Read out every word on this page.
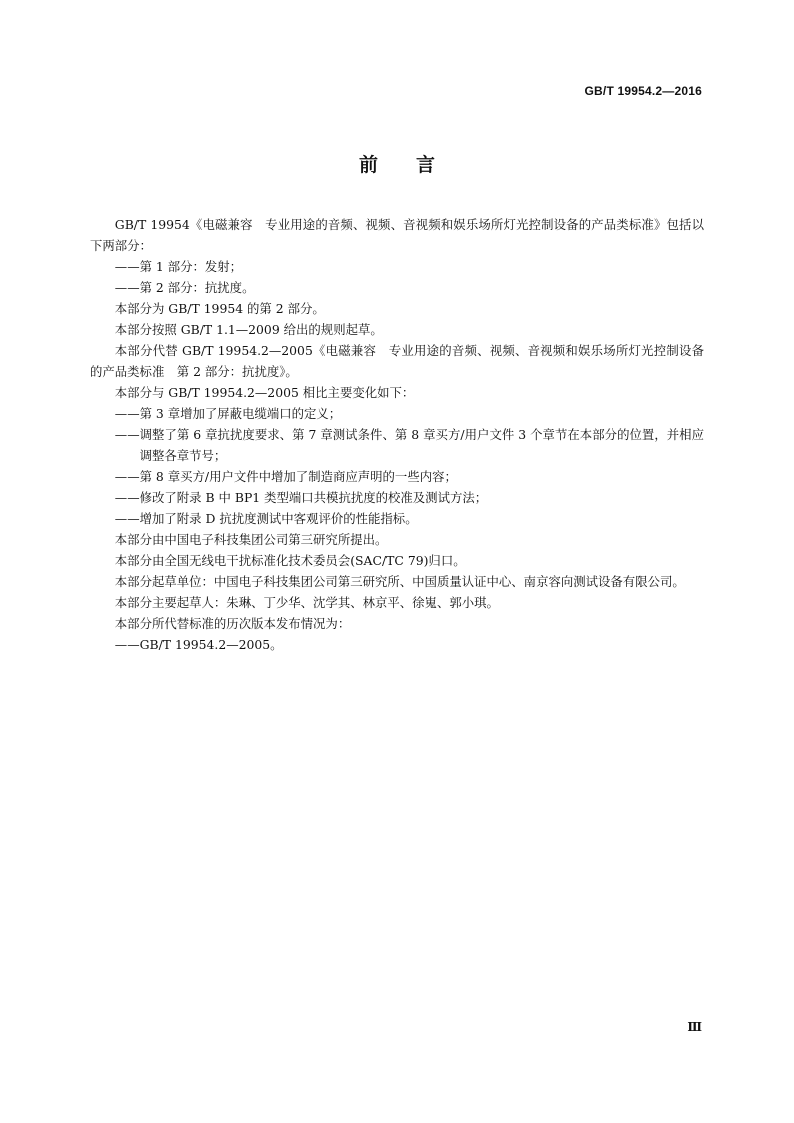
GB/T 19954.2—2016
前言

GB/T 19954《电磁兼容　专业用途的音频、视频、音视频和娱乐场所灯光控制设备的产品类标准》包括以下两部分：

——第 1 部分：发射；

——第 2 部分：抗扰度。

本部分为 GB/T 19954 的第 2 部分。

本部分按照 GB/T 1.1—2009 给出的规则起草。

本部分代替 GB/T 19954.2—2005《电磁兼容　专业用途的音频、视频、音视频和娱乐场所灯光控制设备的产品类标准　第 2 部分：抗扰度》。

本部分与 GB/T 19954.2—2005 相比主要变化如下：

——第 3 章增加了屏蔽电缆端口的定义；

——调整了第 6 章抗扰度要求、第 7 章测试条件、第 8 章买方/用户文件 3 个章节在本部分的位置，并相应调整各章节号；

——第 8 章买方/用户文件中增加了制造商应声明的一些内容；

——修改了附录 B 中 BP1 类型端口共模抗扰度的校准及测试方法；

——增加了附录 D 抗扰度测试中客观评价的性能指标。

本部分由中国电子科技集团公司第三研究所提出。

本部分由全国无线电干扰标准化技术委员会(SAC/TC 79)归口。

本部分起草单位：中国电子科技集团公司第三研究所、中国质量认证中心、南京容向测试设备有限公司。

本部分主要起草人：朱琳、丁少华、沈学其、林京平、徐嵬、郭小琪。

本部分所代替标准的历次版本发布情况为：

——GB/T 19954.2—2005。

Ⅲ
